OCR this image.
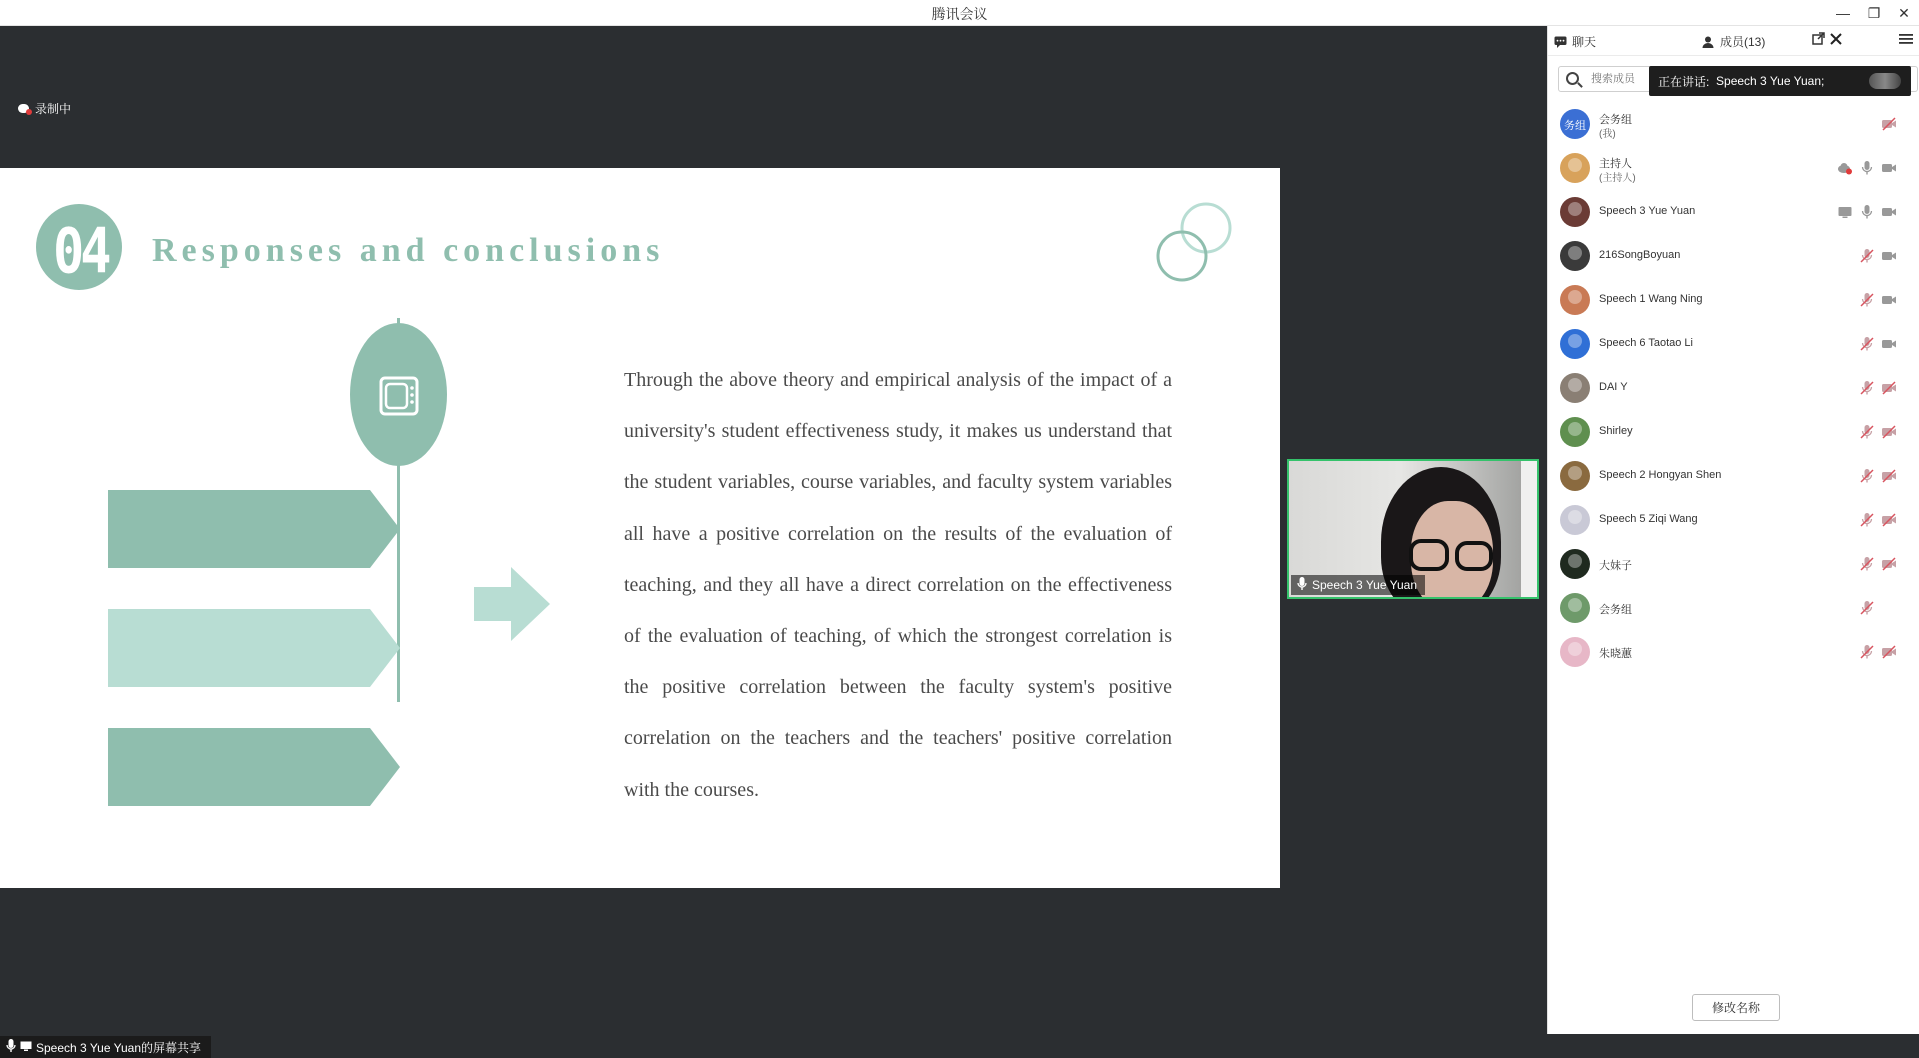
腾讯会议	—	❐	✕
录制中
04 Responses and conclusions
Through the above theory and empirical analysis of the impact of a university's student effectiveness study, it makes us understand that the student variables, course variables, and faculty system variables all have a positive correlation on the results of the evaluation of teaching, and they all have a direct correlation on the effectiveness of the evaluation of teaching, of which the strongest correlation is the positive correlation between the faculty system's positive correlation on the teachers and the teachers' positive correlation with the courses.
Speech 3 Yue Yuan的屏幕共享
Speech 3 Yue Yuan
聊天	成员(13)
搜索成员
正在讲话:
Speech 3 Yue Yuan;
务组	会务组
(我)
主持人
(主持人)
Speech 3 Yue Yuan
216SongBoyuan
Speech 1 Wang Ning
Speech 6 Taotao Li
DAI Y
Shirley
Speech 2 Hongyan Shen
Speech 5 Ziqi Wang
大妹子
会务组
朱晓蕙
修改名称
